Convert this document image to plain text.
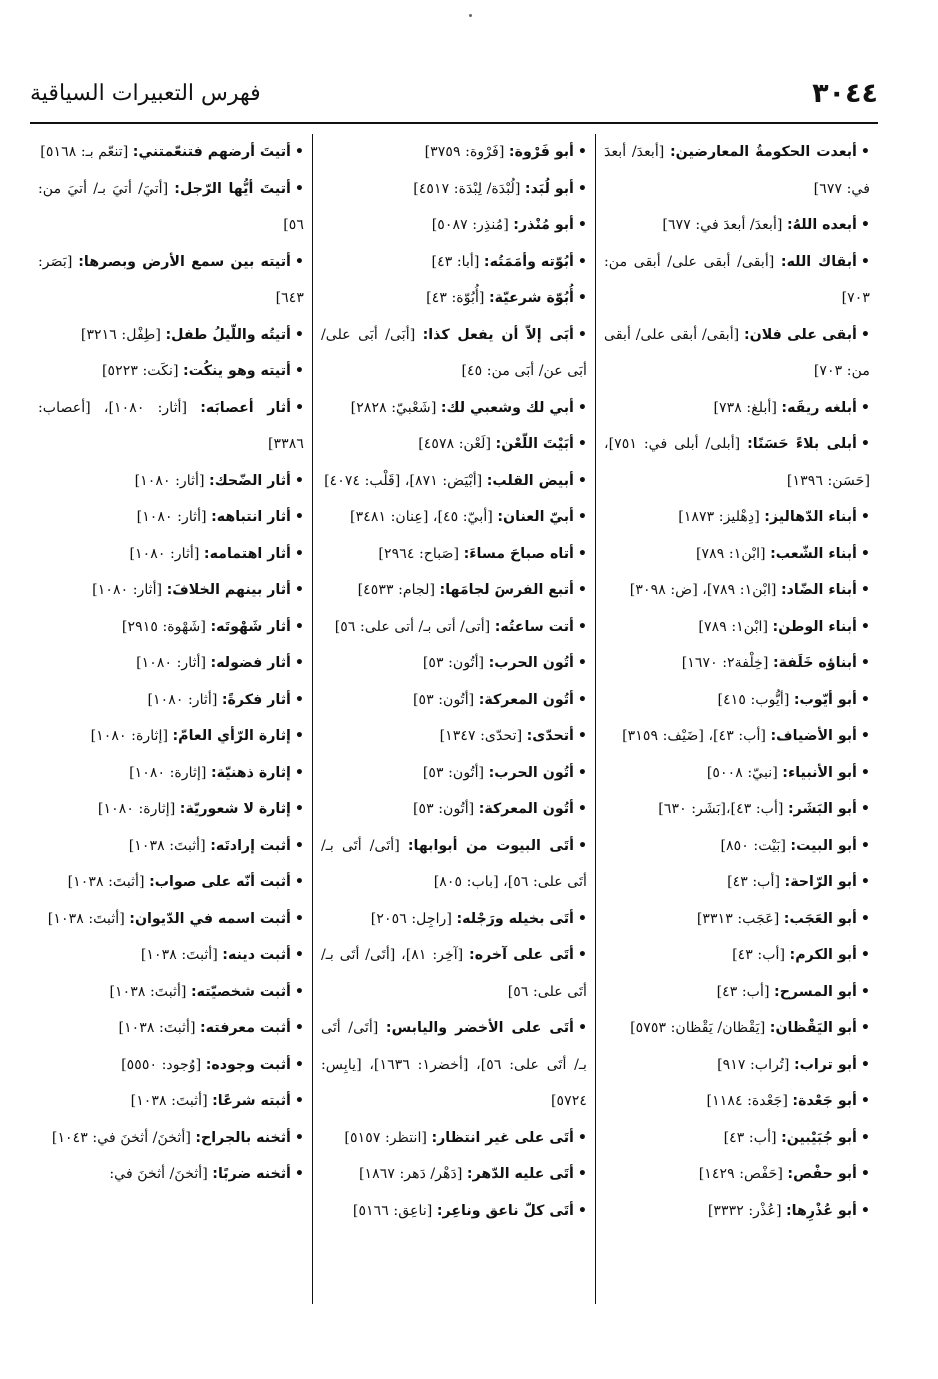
٣٠٤٤
فهرس التعبيرات السياقية
•أبعدت الحكومةُ المعارضين: [أبعدَ/ أبعدَ في: ٦٧٧]
•أبعده اللهُ: [أبعدَ/ أبعدَ في: ٦٧٧]
•أبقاك الله: [أبقى/ أبقى على/ أبقى من: ٧٠٣]
•أبقى على فلان: [أبقى/ أبقى على/ أبقى من: ٧٠٣]
•أبلغه ريقَه: [أبلغ: ٧٣٨]
•أبلى بلاءً حَسَنًا: [أبلى/ أبلى في: ٧٥١]، [حَسَن: ١٣٩٦]
•أبناء الدّهاليز: [دِهْليز: ١٨٧٣]
•أبناء الشّعب: [ابْن١: ٧٨٩]
•أبناء الضّاد: [ابْن١: ٧٨٩]، [ض: ٣٠٩٨]
•أبناء الوطن: [ابْن١: ٧٨٩]
•أبناؤه خَلَفة: [خِلْفة٢: ١٦٧٠]
•أبو أيّوب: [أيُّوب: ٤١٥]
•أبو الأضياف: [أب: ٤٣]، [ضَيْف: ٣١٥٩]
•أبو الأنبياء: [نبيّ: ٥٠٠٨]
•أبو البَشَر: [أب: ٤٣]،[بَشَر: ٦٣٠]
•أبو البيت: [بَيْت: ٨٥٠]
•أبو الرّاحة: [أب: ٤٣]
•أبو العَجَب: [عَجَب: ٣٣١٣]
•أبو الكرم: [أب: ٤٣]
•أبو المسرح: [أب: ٤٣]
•أبو اليَقْظان: [يَقْظان/ يَقْظان: ٥٧٥٣]
•أبو تراب: [تُراب: ٩١٧]
•أبو جَعْدة: [جَعْدة: ١١٨٤]
•أبو جُبَيْبين: [أب: ٤٣]
•أبو حفْص: [حَفْص: ١٤٢٩]
•أبو عُذْرِها: [عُذْر: ٣٣٣٢]
•أبو فَرْوة: [فَرْوة: ٣٧٥٩]
•أبو لُبَد: [لُبْدَة/ لِبْدَة: ٤٥١٧]
•أبو مُنْذر: [مُنذِر: ٥٠٨٧]
•أبُوّته وأمَمَتُه: [أبا: ٤٣]
•أُبُوّة شرعيّة: [أُبُوّة: ٤٣]
•أبَى إلاّ أن يفعل كذا: [أبَى/ أبَى على/ أبَى عن/ أبَى من: ٤٥]
•أبي لك وشعبي لك: [شَعْبيّ: ٢٨٢٨]
•أبَيْتَ اللّعْن: [لَعْن: ٤٥٧٨]
•أبيض القلب: [أبْيَض: ٨٧١]، [قَلْب: ٤٠٧٤]
•أبيّ العنان: [أبيّ: ٤٥]، [عِنان: ٣٤٨١]
•أتاه صباحَ مساءَ: [صَباح: ٢٩٦٤]
•أتبع الفرسَ لجامَها: [لجام: ٤٥٣٣]
•أتت ساعتُه: [أتى/ أتى بـ/ أتى على: ٥٦]
•أتُون الحرب: [أتُون: ٥٣]
•أتُون المعركة: [أتُون: ٥٣]
•أتحدّى: [تحدّى: ١٣٤٧]
•أتُون الحرب: [أتُون: ٥٣]
•أتُون المعركة: [أتُون: ٥٣]
•أتَى البيوت من أبوابها: [أتَى/ أتَى بـ/ أتَى على: ٥٦]، [باب: ٨٠٥]
•أتَى بخيله ورَجْله: [راجِل: ٢٠٥٦]
•أتَى على آخره: [آخِر: ٨١]، [أتَى/ أتَى بـ/ أتَى على: ٥٦]
•أتَى على الأخضر واليابس: [أتَى/ أتَى بـ/ أتَى على: ٥٦]، [أخضر١: ١٦٣٦]، [يابِس: ٥٧٢٤]
•أتَى على غير انتظار: [انتظر: ٥١٥٧]
•أتَى عليه الدّهر: [دَهْر/ دَهر: ١٨٦٧]
•أتَى كلّ ناعق وناعِر: [ناعِق: ٥١٦٦]
•أتيتَ أرضهم فتنعّمتني: [تنعّم بـ: ٥١٦٨]
•أتيتَ أيُّها الرّجل: [أتيَ/ أتيَ بـ/ أتيَ من: ٥٦]
•أتيته بين سمع الأرض وبصرها: [بَصَر: ٦٤٣]
•أتيتُه واللّيلُ طفل: [طِفْل: ٣٢١٦]
•أتيته وهو ينكُت: [نكَت: ٥٢٢٣]
•أثار أعصابَه: [أثار: ١٠٨٠]، [أعصاب: ٣٣٨٦]
•أثار الضّحك: [أثار: ١٠٨٠]
•أثار انتباهه: [أثار: ١٠٨٠]
•أثار اهتمامه: [أثار: ١٠٨٠]
•أثار بينهم الخلافَ: [أثار: ١٠٨٠]
•أثار شَهْوتَه: [شَهْوة: ٢٩١٥]
•أثار فضوله: [أثار: ١٠٨٠]
•أثار فكرةً: [أثار: ١٠٨٠]
•إثارة الرّأي العامّ: [إثارة: ١٠٨٠]
•إثارة ذهنيّة: [إثارة: ١٠٨٠]
•إثارة لا شعوريّة: [إثارة: ١٠٨٠]
•أثبت إرادتَه: [أثبتَ: ١٠٣٨]
•أثبت أنّه على صواب: [أثبتَ: ١٠٣٨]
•أثبت اسمه في الدّيوان: [أثبتَ: ١٠٣٨]
•أثبت دينه: [أثبتَ: ١٠٣٨]
•أثبت شخصيّته: [أثبتَ: ١٠٣٨]
•أثبت معرفته: [أثبتَ: ١٠٣٨]
•أثبت وجوده: [وُجود: ٥٥٥٠]
•أثبته شرعًا: [أثبتَ: ١٠٣٨]
•أثخنه بالجراح: [أثخنَ/ أثخنَ في: ١٠٤٣]
•أثخنه ضربًا: [أثخنَ/ أثخنَ في:
